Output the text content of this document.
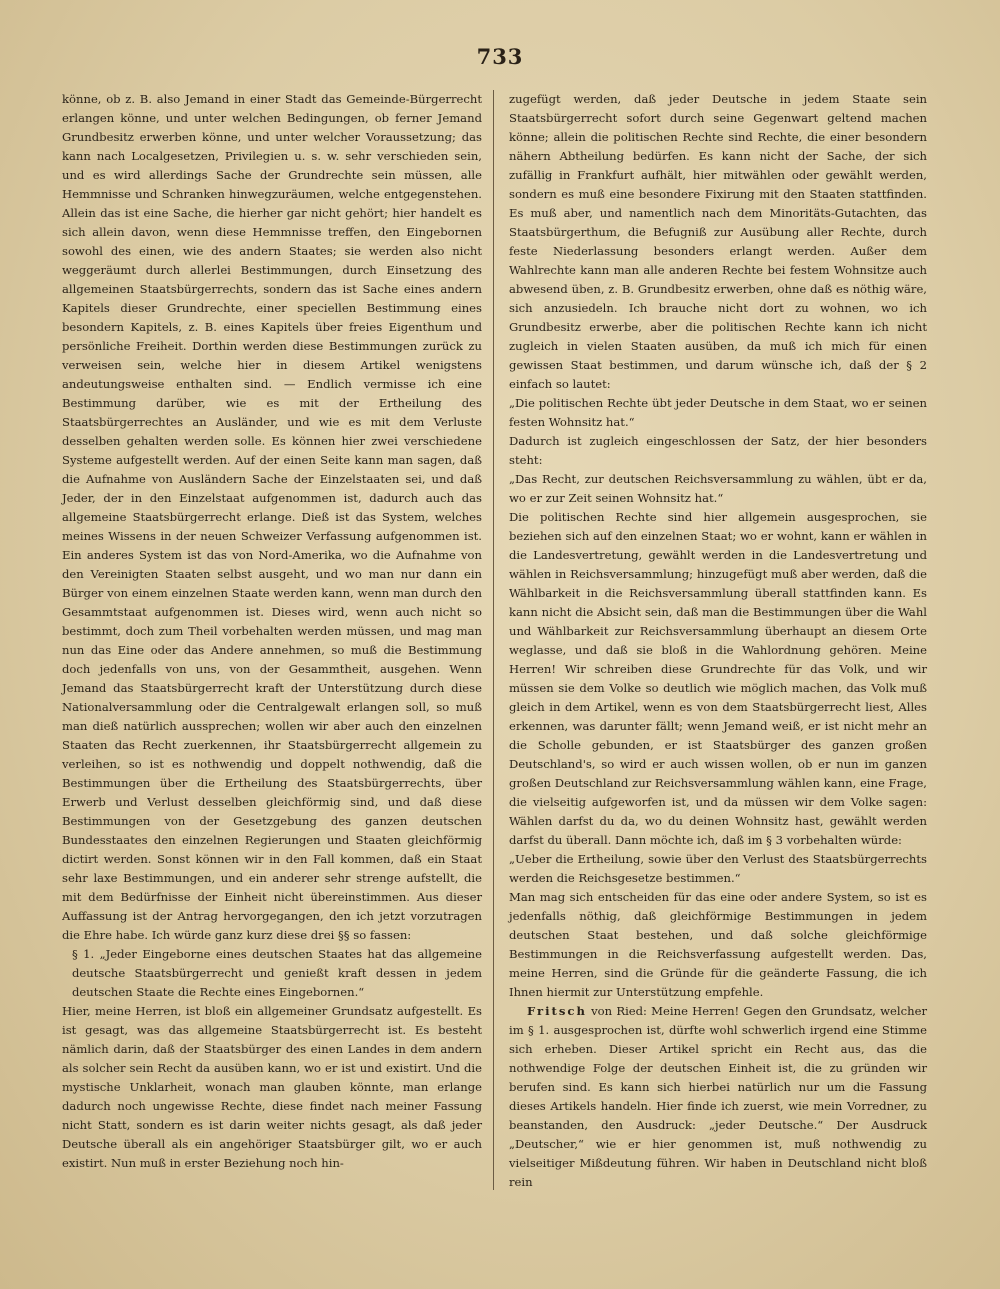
733

könne, ob z. B. also Jemand in einer Stadt das Gemeinde-Bürgerrecht erlangen könne, und unter welchen Bedingungen, ob ferner Jemand Grundbesitz erwerben könne, und unter welcher Voraussetzung; das kann nach Localgesetzen, Privilegien u. s. w. sehr verschieden sein, und es wird allerdings Sache der Grundrechte sein müssen, alle Hemmnisse und Schranken hinwegzuräumen, welche entgegenstehen. Allein das ist eine Sache, die hierher gar nicht gehört; hier handelt es sich allein davon, wenn diese Hemmnisse treffen, den Eingebornen sowohl des einen, wie des andern Staates; sie werden also nicht weggeräumt durch allerlei Bestimmungen, durch Einsetzung des allgemeinen Staatsbürgerrechts, sondern das ist Sache eines andern Kapitels dieser Grundrechte, einer speciellen Bestimmung eines besondern Kapitels, z. B. eines Kapitels über freies Eigenthum und persönliche Freiheit. Dorthin werden diese Bestimmungen zurück zu verweisen sein, welche hier in diesem Artikel wenigstens andeutungsweise enthalten sind. — Endlich vermisse ich eine Bestimmung darüber, wie es mit der Ertheilung des Staatsbürgerrechtes an Ausländer, und wie es mit dem Verluste desselben gehalten werden solle. Es können hier zwei verschiedene Systeme aufgestellt werden. Auf der einen Seite kann man sagen, daß die Aufnahme von Ausländern Sache der Einzelstaaten sei, und daß Jeder, der in den Einzelstaat aufgenommen ist, dadurch auch das allgemeine Staatsbürgerrecht erlange. Dieß ist das System, welches meines Wissens in der neuen Schweizer Verfassung aufgenommen ist. Ein anderes System ist das von Nord-Amerika, wo die Aufnahme von den Vereinigten Staaten selbst ausgeht, und wo man nur dann ein Bürger von einem einzelnen Staate werden kann, wenn man durch den Gesammtstaat aufgenommen ist. Dieses wird, wenn auch nicht so bestimmt, doch zum Theil vorbehalten werden müssen, und mag man nun das Eine oder das Andere annehmen, so muß die Bestimmung doch jedenfalls von uns, von der Gesammtheit, ausgehen. Wenn Jemand das Staatsbürgerrecht kraft der Unterstützung durch diese Nationalversammlung oder die Centralgewalt erlangen soll, so muß man dieß natürlich aussprechen; wollen wir aber auch den einzelnen Staaten das Recht zuerkennen, ihr Staatsbürgerrecht allgemein zu verleihen, so ist es nothwendig und doppelt nothwendig, daß die Bestimmungen über die Ertheilung des Staatsbürgerrechts, über Erwerb und Verlust desselben gleichförmig sind, und daß diese Bestimmungen von der Gesetzgebung des ganzen deutschen Bundesstaates den einzelnen Regierungen und Staaten gleichförmig dictirt werden. Sonst können wir in den Fall kommen, daß ein Staat sehr laxe Bestimmungen, und ein anderer sehr strenge aufstellt, die mit dem Bedürfnisse der Einheit nicht übereinstimmen. Aus dieser Auffassung ist der Antrag hervorgegangen, den ich jetzt vorzutragen die Ehre habe. Ich würde ganz kurz diese drei §§ so fassen:

§ 1. „Jeder Eingeborne eines deutschen Staates hat das allgemeine deutsche Staatsbürgerrecht und genießt kraft dessen in jedem deutschen Staate die Rechte eines Eingebornen.“

Hier, meine Herren, ist bloß ein allgemeiner Grundsatz aufgestellt. Es ist gesagt, was das allgemeine Staatsbürgerrecht ist. Es besteht nämlich darin, daß der Staatsbürger des einen Landes in dem andern als solcher sein Recht da ausüben kann, wo er ist und existirt. Und die mystische Unklarheit, wonach man glauben könnte, man erlange dadurch noch ungewisse Rechte, diese findet nach meiner Fassung nicht Statt, sondern es ist darin weiter nichts gesagt, als daß jeder Deutsche überall als ein angehöriger Staatsbürger gilt, wo er auch existirt. Nun muß in erster Beziehung noch hin-

zugefügt werden, daß jeder Deutsche in jedem Staate sein Staatsbürgerrecht sofort durch seine Gegenwart geltend machen könne; allein die politischen Rechte sind Rechte, die einer besondern nähern Abtheilung bedürfen. Es kann nicht der Sache, der sich zufällig in Frankfurt aufhält, hier mitwählen oder gewählt werden, sondern es muß eine besondere Fixirung mit den Staaten stattfinden. Es muß aber, und namentlich nach dem Minoritäts-Gutachten, das Staatsbürgerthum, die Befugniß zur Ausübung aller Rechte, durch feste Niederlassung besonders erlangt werden. Außer dem Wahlrechte kann man alle anderen Rechte bei festem Wohnsitze auch abwesend üben, z. B. Grundbesitz erwerben, ohne daß es nöthig wäre, sich anzusiedeln. Ich brauche nicht dort zu wohnen, wo ich Grundbesitz erwerbe, aber die politischen Rechte kann ich nicht zugleich in vielen Staaten ausüben, da muß ich mich für einen gewissen Staat bestimmen, und darum wünsche ich, daß der § 2 einfach so lautet:

„Die politischen Rechte übt jeder Deutsche in dem Staat, wo er seinen festen Wohnsitz hat.“

Dadurch ist zugleich eingeschlossen der Satz, der hier besonders steht:

„Das Recht, zur deutschen Reichsversammlung zu wählen, übt er da, wo er zur Zeit seinen Wohnsitz hat.“

Die politischen Rechte sind hier allgemein ausgesprochen, sie beziehen sich auf den einzelnen Staat; wo er wohnt, kann er wählen in die Landesvertretung, gewählt werden in die Landesvertretung und wählen in Reichsversammlung; hinzugefügt muß aber werden, daß die Wählbarkeit in die Reichsversammlung überall stattfinden kann. Es kann nicht die Absicht sein, daß man die Bestimmungen über die Wahl und Wählbarkeit zur Reichsversammlung überhaupt an diesem Orte weglasse, und daß sie bloß in die Wahlordnung gehören. Meine Herren! Wir schreiben diese Grundrechte für das Volk, und wir müssen sie dem Volke so deutlich wie möglich machen, das Volk muß gleich in dem Artikel, wenn es von dem Staatsbürgerrecht liest, Alles erkennen, was darunter fällt; wenn Jemand weiß, er ist nicht mehr an die Scholle gebunden, er ist Staatsbürger des ganzen großen Deutschland's, so wird er auch wissen wollen, ob er nun im ganzen großen Deutschland zur Reichsversammlung wählen kann, eine Frage, die vielseitig aufgeworfen ist, und da müssen wir dem Volke sagen: Wählen darfst du da, wo du deinen Wohnsitz hast, gewählt werden darfst du überall. Dann möchte ich, daß im § 3 vorbehalten würde:

„Ueber die Ertheilung, sowie über den Verlust des Staatsbürgerrechts werden die Reichsgesetze bestimmen.“

Man mag sich entscheiden für das eine oder andere System, so ist es jedenfalls nöthig, daß gleichförmige Bestimmungen in jedem deutschen Staat bestehen, und daß solche gleichförmige Bestimmungen in die Reichsverfassung aufgestellt werden. Das, meine Herren, sind die Gründe für die geänderte Fassung, die ich Ihnen hiermit zur Unterstützung empfehle.

Fritsch von Ried: Meine Herren! Gegen den Grundsatz, welcher im § 1. ausgesprochen ist, dürfte wohl schwerlich irgend eine Stimme sich erheben. Dieser Artikel spricht ein Recht aus, das die nothwendige Folge der deutschen Einheit ist, die zu gründen wir berufen sind. Es kann sich hierbei natürlich nur um die Fassung dieses Artikels handeln. Hier finde ich zuerst, wie mein Vorredner, zu beanstanden, den Ausdruck: „jeder Deutsche.“ Der Ausdruck „Deutscher,“ wie er hier genommen ist, muß nothwendig zu vielseitiger Mißdeutung führen. Wir haben in Deutschland nicht bloß rein
